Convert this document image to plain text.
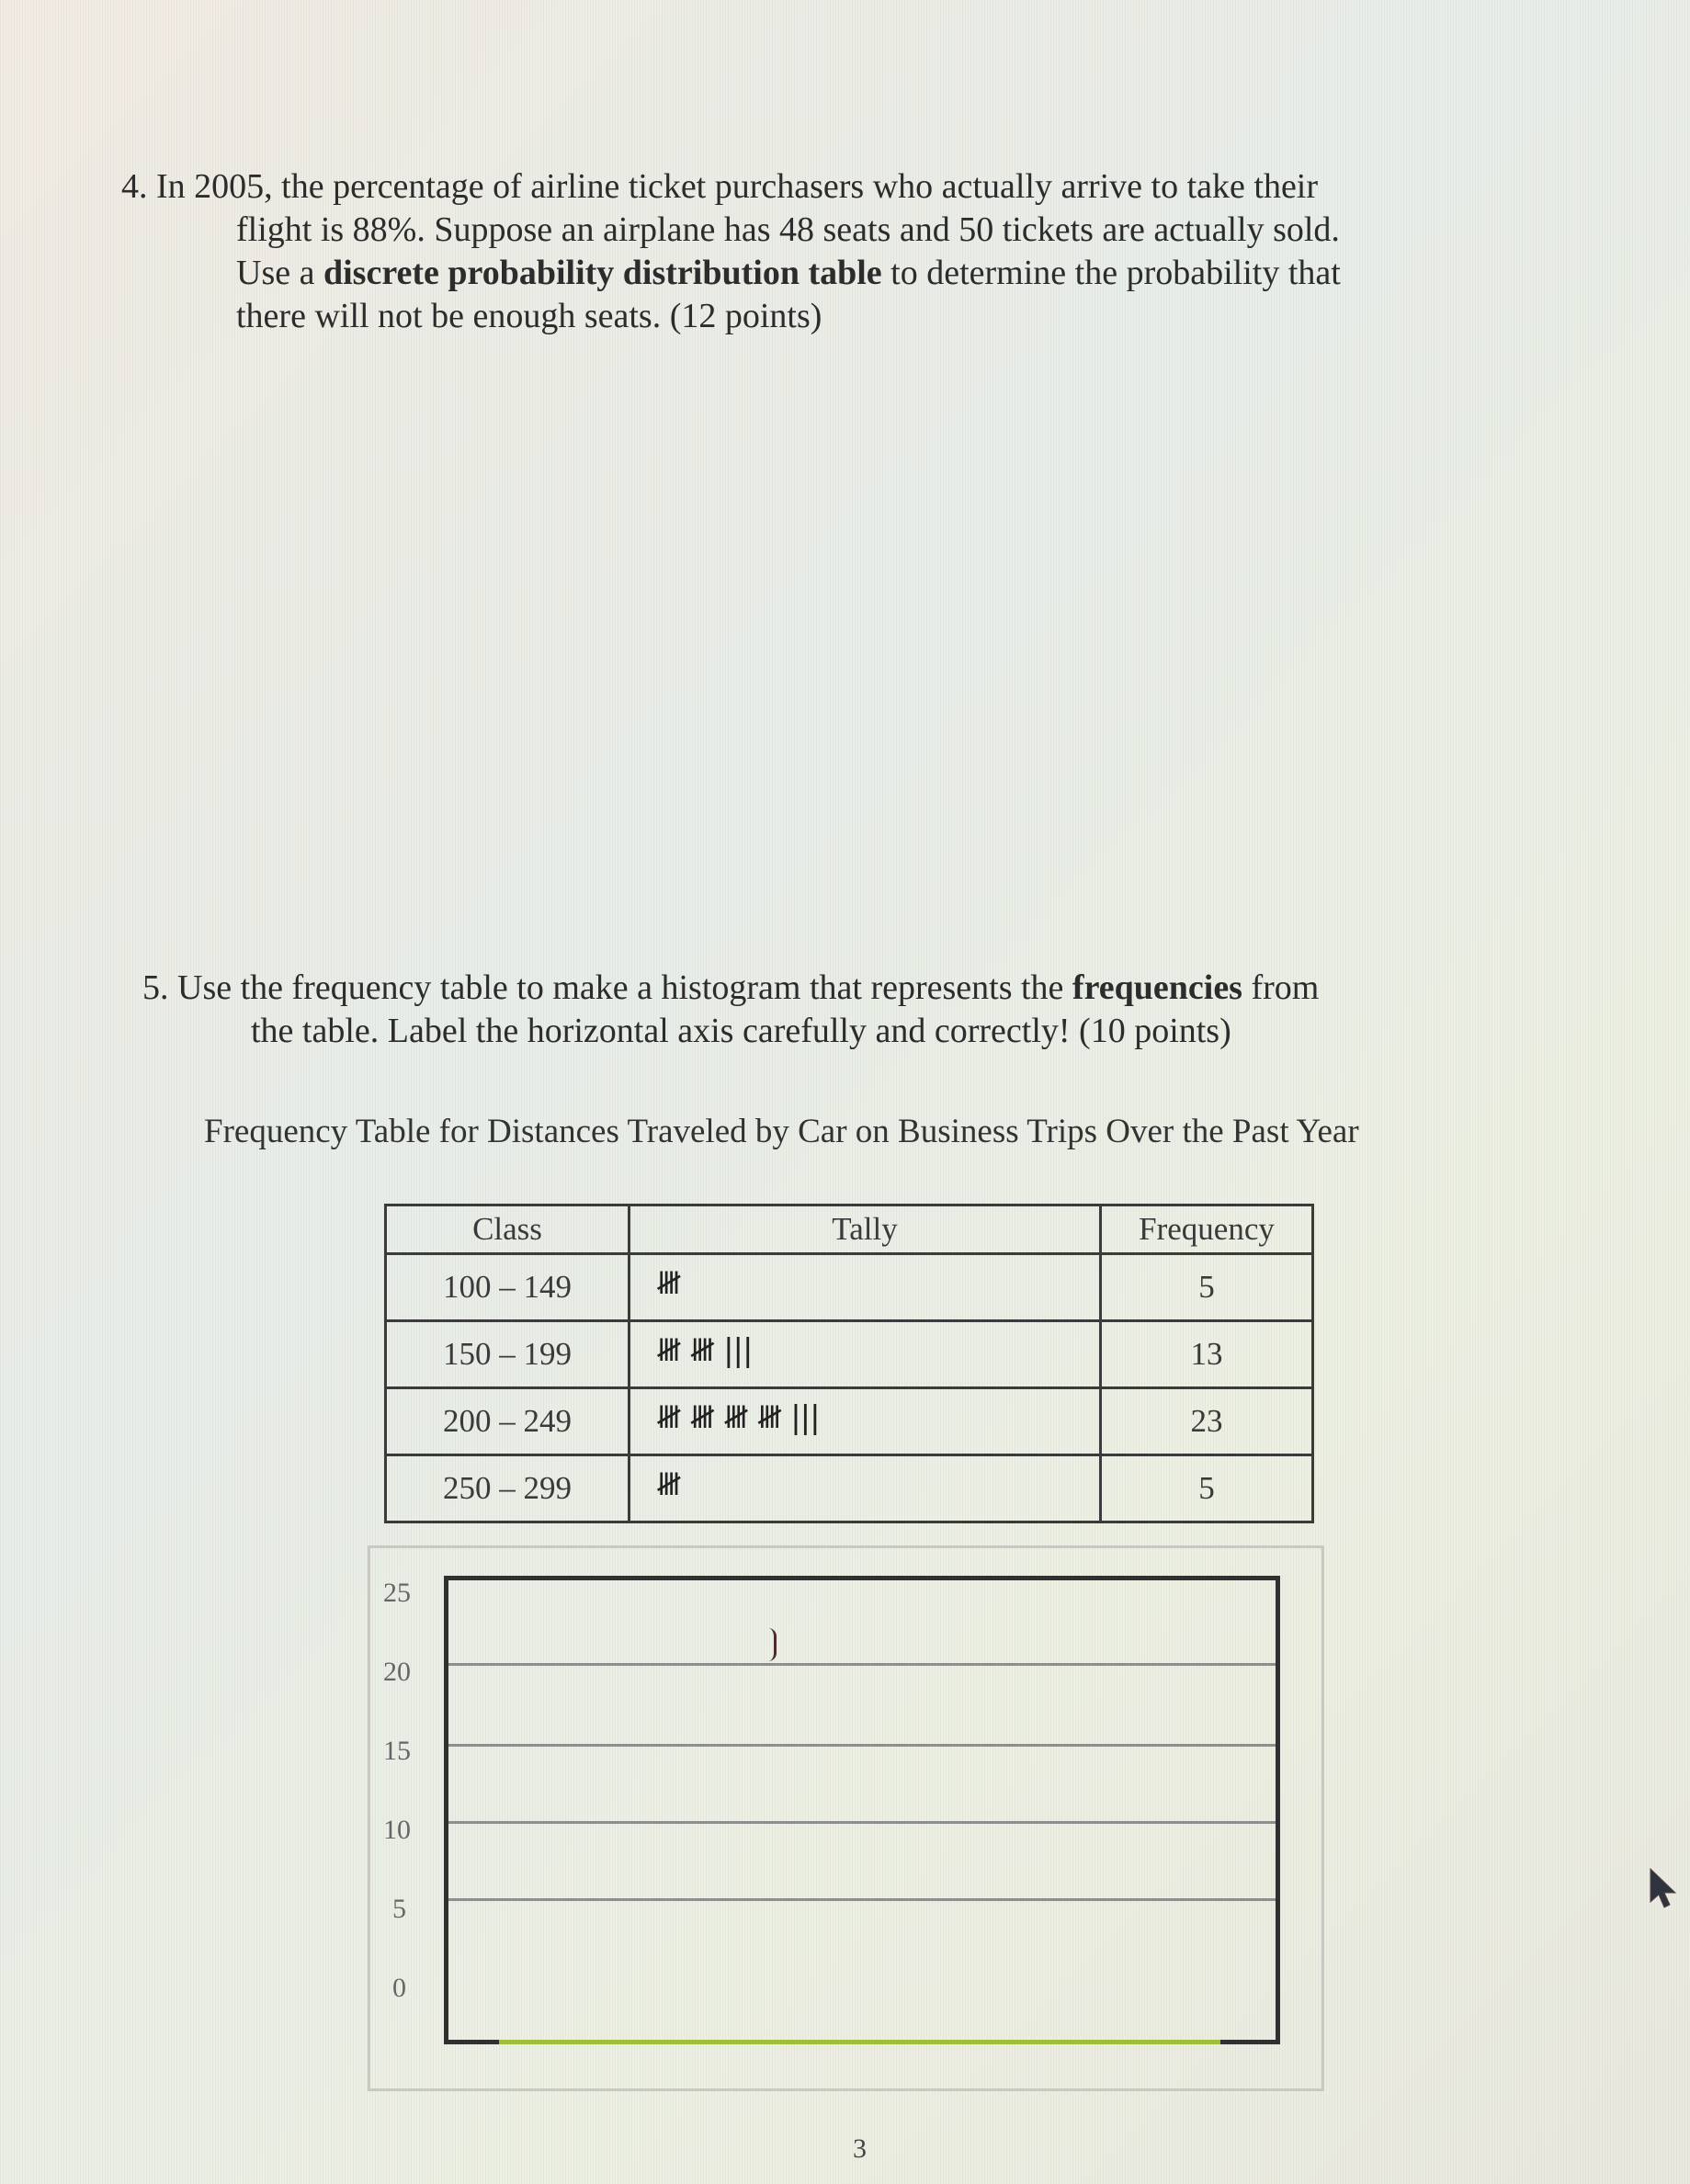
4. In 2005, the percentage of airline ticket purchasers who actually arrive to take their
flight is 88%. Suppose an airplane has 48 seats and 50 tickets are actually sold.
Use a discrete probability distribution table to determine the probability that
there will not be enough seats. (12 points)
5. Use the frequency table to make a histogram that represents the frequencies from
the table. Label the horizontal axis carefully and correctly! (10 points)
Frequency Table for Distances Traveled by Car on Business Trips Over the Past Year
Class	Tally	Frequency
100 – 149	𝍸	5
150 – 199	𝍸 𝍸 |||	13
200 – 249	𝍸 𝍸 𝍸 𝍸 |||	23
250 – 299	𝍸	5
25
20
15
10
5
0
3
